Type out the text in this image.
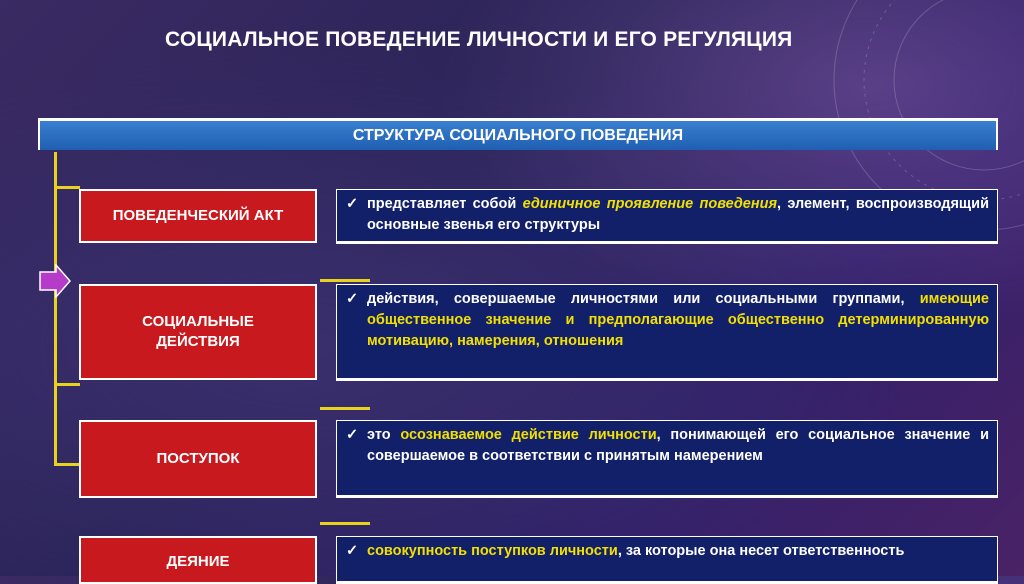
СОЦИАЛЬНОЕ ПОВЕДЕНИЕ ЛИЧНОСТИ И ЕГО РЕГУЛЯЦИЯ
СТРУКТУРА СОЦИАЛЬНОГО ПОВЕДЕНИЯ
ПОВЕДЕНЧЕСКИЙ АКТ
✓ представляет собой единичное проявление поведения, элемент, воспроизводящий основные звенья его структуры
СОЦИАЛЬНЫЕ ДЕЙСТВИЯ
✓ действия, совершаемые личностями или социальными группами, имеющие общественное значение и предполагающие общественно детерминированную мотивацию, намерения, отношения
ПОСТУПОК
✓ это осознаваемое действие личности, понимающей его социальное значение и совершаемое в соответствии с принятым намерением
ДЕЯНИЕ
✓ совокупность поступков личности, за которые она несет ответственность
